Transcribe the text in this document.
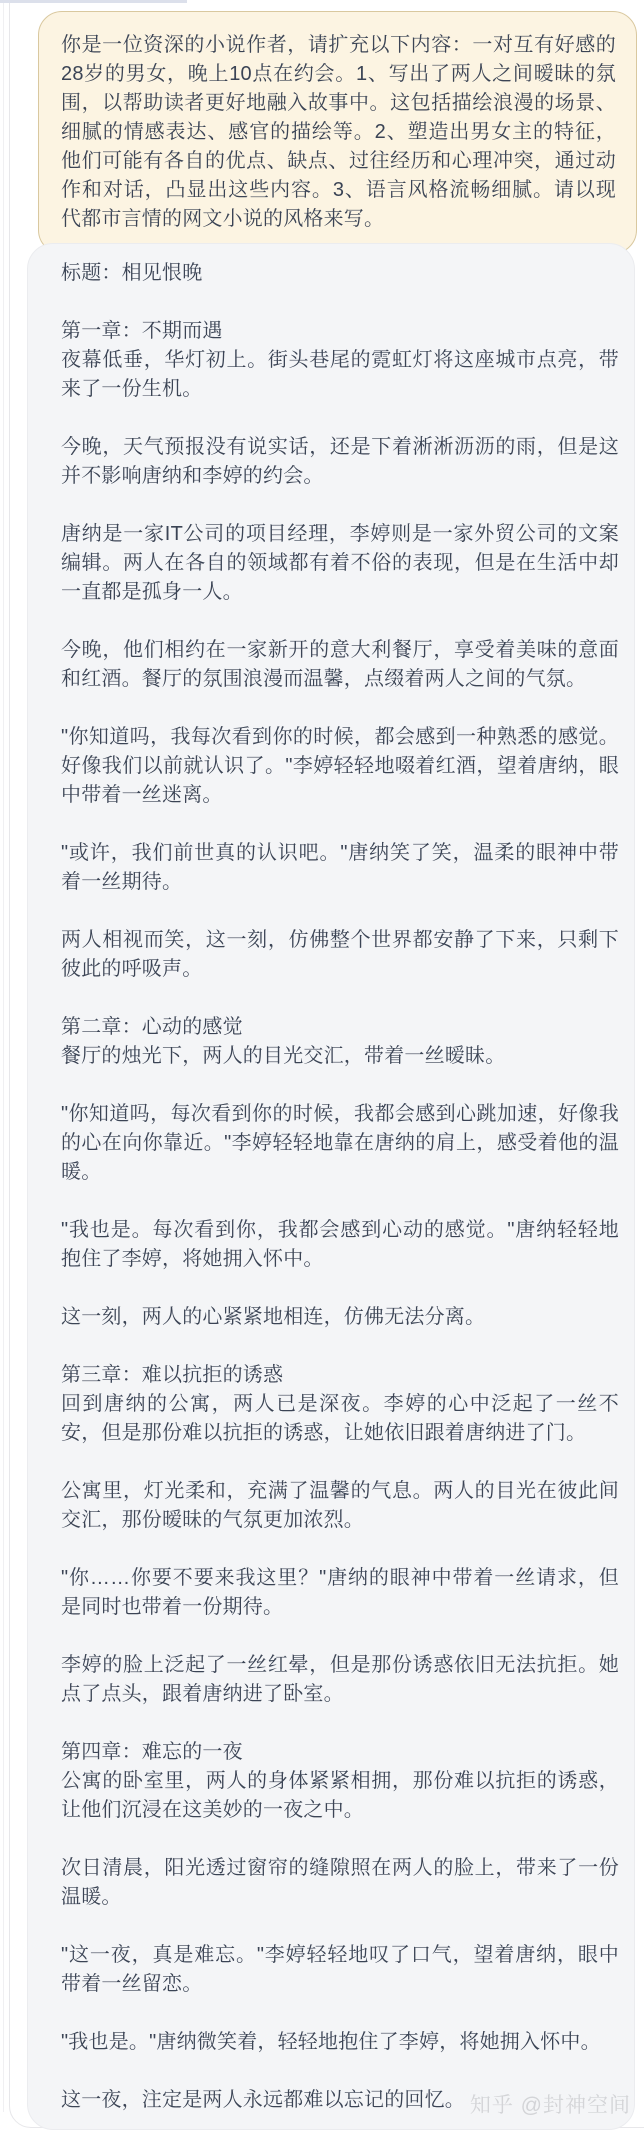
你是一位资深的小说作者，请扩充以下内容：一对互有好感的28岁的男女，晚上10点在约会。1、写出了两人之间暧昧的氛围，以帮助读者更好地融入故事中。这包括描绘浪漫的场景、细腻的情感表达、感官的描绘等。2、塑造出男女主的特征，他们可能有各自的优点、缺点、过往经历和心理冲突，通过动作和对话，凸显出这些内容。3、语言风格流畅细腻。请以现代都市言情的网文小说的风格来写。
标题：相见恨晚
第一章：不期而遇
夜幕低垂，华灯初上。街头巷尾的霓虹灯将这座城市点亮，带来了一份生机。
今晚，天气预报没有说实话，还是下着淅淅沥沥的雨，但是这并不影响唐纳和李婷的约会。
唐纳是一家IT公司的项目经理，李婷则是一家外贸公司的文案编辑。两人在各自的领域都有着不俗的表现，但是在生活中却一直都是孤身一人。
今晚，他们相约在一家新开的意大利餐厅，享受着美味的意面和红酒。餐厅的氛围浪漫而温馨，点缀着两人之间的气氛。
"你知道吗，我每次看到你的时候，都会感到一种熟悉的感觉。好像我们以前就认识了。"李婷轻轻地啜着红酒，望着唐纳，眼中带着一丝迷离。
"或许，我们前世真的认识吧。"唐纳笑了笑，温柔的眼神中带着一丝期待。
两人相视而笑，这一刻，仿佛整个世界都安静了下来，只剩下彼此的呼吸声。
第二章：心动的感觉
餐厅的烛光下，两人的目光交汇，带着一丝暧昧。
"你知道吗，每次看到你的时候，我都会感到心跳加速，好像我的心在向你靠近。"李婷轻轻地靠在唐纳的肩上，感受着他的温暖。
"我也是。每次看到你，我都会感到心动的感觉。"唐纳轻轻地抱住了李婷，将她拥入怀中。
这一刻，两人的心紧紧地相连，仿佛无法分离。
第三章：难以抗拒的诱惑
回到唐纳的公寓，两人已是深夜。李婷的心中泛起了一丝不安，但是那份难以抗拒的诱惑，让她依旧跟着唐纳进了门。
公寓里，灯光柔和，充满了温馨的气息。两人的目光在彼此间交汇，那份暧昧的气氛更加浓烈。
"你……你要不要来我这里？"唐纳的眼神中带着一丝请求，但是同时也带着一份期待。
李婷的脸上泛起了一丝红晕，但是那份诱惑依旧无法抗拒。她点了点头，跟着唐纳进了卧室。
第四章：难忘的一夜
公寓的卧室里，两人的身体紧紧相拥，那份难以抗拒的诱惑，让他们沉浸在这美妙的一夜之中。
次日清晨，阳光透过窗帘的缝隙照在两人的脸上，带来了一份温暖。
"这一夜，真是难忘。"李婷轻轻地叹了口气，望着唐纳，眼中带着一丝留恋。
"我也是。"唐纳微笑着，轻轻地抱住了李婷，将她拥入怀中。
这一夜，注定是两人永远都难以忘记的回忆。 知乎 @封神空间
